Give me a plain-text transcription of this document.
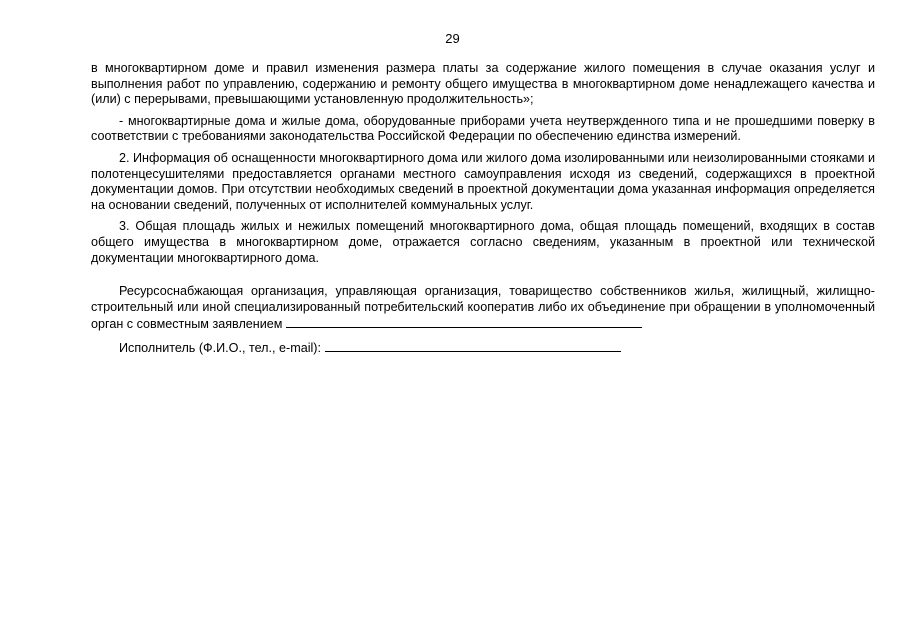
29

в многоквартирном доме и правил изменения размера платы за содержание жилого помещения в случае оказания услуг и выполнения работ по управлению, содержанию и ремонту общего имущества в многоквартирном доме ненадлежащего качества и (или) с перерывами, превышающими установленную продолжительность»;

- многоквартирные дома и жилые дома, оборудованные приборами учета неутвержденного типа и не прошедшими поверку в соответствии с требованиями законодательства Российской Федерации по обеспечению единства измерений.

2. Информация об оснащенности многоквартирного дома или жилого дома изолированными или неизолированными стояками и полотенцесушителями предоставляется органами местного самоуправления исходя из сведений, содержащихся в проектной документации домов. При отсутствии необходимых сведений в проектной документации дома указанная информация определяется на основании сведений, полученных от исполнителей коммунальных услуг.

3. Общая площадь жилых и нежилых помещений многоквартирного дома, общая площадь помещений, входящих в состав общего имущества в многоквартирном доме, отражается согласно сведениям, указанным в проектной или технической документации многоквартирного дома.

Ресурсоснабжающая организация, управляющая организация, товарищество собственников жилья, жилищный, жилищно-строительный или иной специализированный потребительский кооператив либо их объединение при обращении в уполномоченный орган с совместным заявлением

Исполнитель (Ф.И.О., тел., e-mail):
